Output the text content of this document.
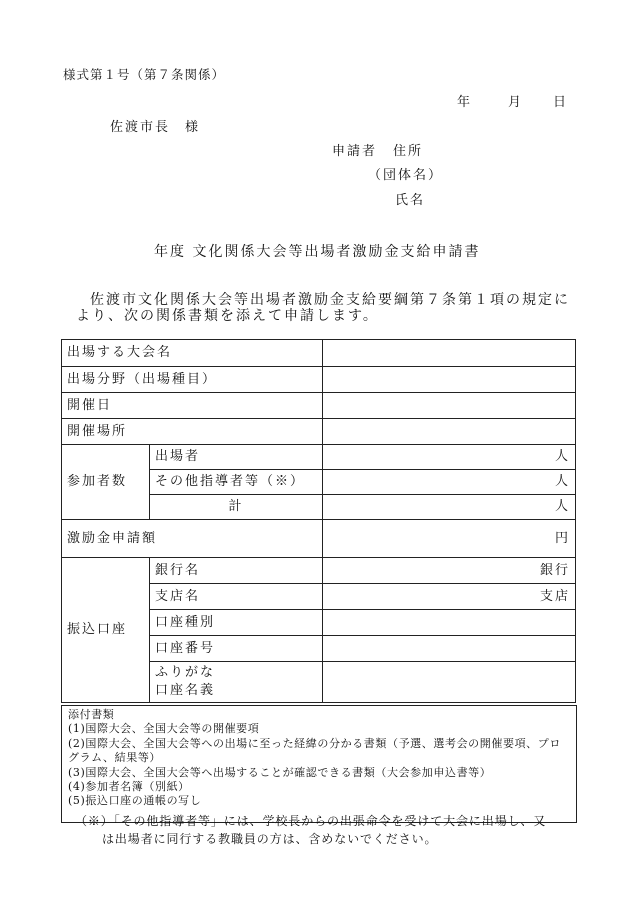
様式第１号（第７条関係）
年	月 日
佐渡市長　様
申請者 住所
（団体名）
氏名
年度 文化関係大会等出場者激励金支給申請書
佐渡市文化関係大会等出場者激励金支給要綱第７条第１項の規定に
より、次の関係書類を添えて申請します。
出場する大会名		
出場分野（出場種目）		
開催日		
開催場所		
参加者数	出場者	人
	その他指導者等（※）	人
	計	人
激励金申請額		円
振込口座	銀行名	銀行
	支店名	支店
	口座種別	
	口座番号	

	ふりがな
口座名義	

添付書類
(1)国際大会、全国大会等の開催要項
(2)国際大会、全国大会等への出場に至った経緯の分かる書類（予選、選考会の開催要項、プログラム、結果等）
(3)国際大会、全国大会等へ出場することが確認できる書類（大会参加申込書等）
(4)参加者名簿（別紙）
(5)振込口座の通帳の写し
（※）「その他指導者等」には、学校長からの出張命令を受けて大会に出場し、又
は出場者に同行する教職員の方は、含めないでください。
